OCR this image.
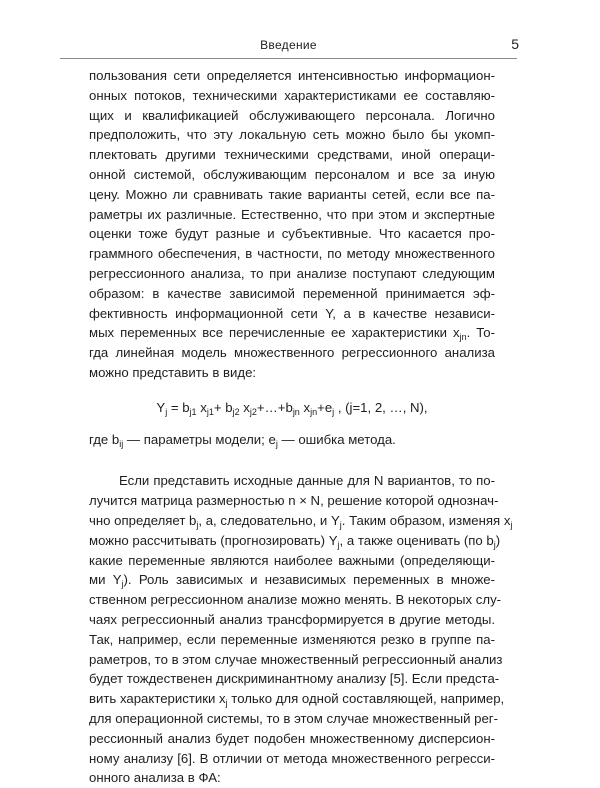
Введение	5
пользования сети определяется интенсивностью информацион-
онных потоков, техническими характеристиками ее составляю-
щих и квалификацией обслуживающего персонала. Логично
предположить, что эту локальную сеть можно было бы укомп-
плектовать другими техническими средствами, иной операци-
онной системой, обслуживающим персоналом и все за иную
цену. Можно ли сравнивать такие варианты сетей, если все па-
раметры их различные. Естественно, что при этом и экспертные
оценки тоже будут разные и субъективные. Что касается про-
граммного обеспечения, в частности, по методу множественного
регрессионного анализа, то при анализе поступают следующим
образом: в качестве зависимой переменной принимается эф-
фективность информационной сети Y, а в качестве независи-
мых переменных все перечисленные ее характеристики $x_{jn}$. То-
гда линейная модель множественного регрессионного анализа
можно представить в виде:
$Y_j = b_{j1}$ $x_{j1}+ b_{j2}$ $x_{j2}+\dots+b_{jn}$ $x_{jn}+e_j$ , (j=1, 2, …, N),
где $b_{ij}$ — параметры модели; $e_j$ — ошибка метода.
Если представить исходные данные для N вариантов, то по-
лучится матрица размерностью n × N, решение которой однознач-
чно определяет $b_j$, а, следовательно, и $Y_j$. Таким образом, изменяя $x_j$
можно рассчитывать (прогнозировать) $Y_j$, а также оценивать (по $b_j$)
какие переменные являются наиболее важными (определяющи-
ми $Y_j$). Роль зависимых и независимых переменных в множе-
ственном регрессионном анализе можно менять. В некоторых слу-
чаях регрессионный анализ трансформируется в другие методы.
Так, например, если переменные изменяются резко в группе па-
раметров, то в этом случае множественный регрессионный анализ
будет тождественен дискриминантному анализу [5]. Если предста-
вить характеристики $x_j$ только для одной составляющей, например,
для операционной системы, то в этом случае множественный рег-
рессионный анализ будет подобен множественному дисперсион-
ному анализу [6]. В отличии от метода множественного регресси-
онного анализа в ФА:
